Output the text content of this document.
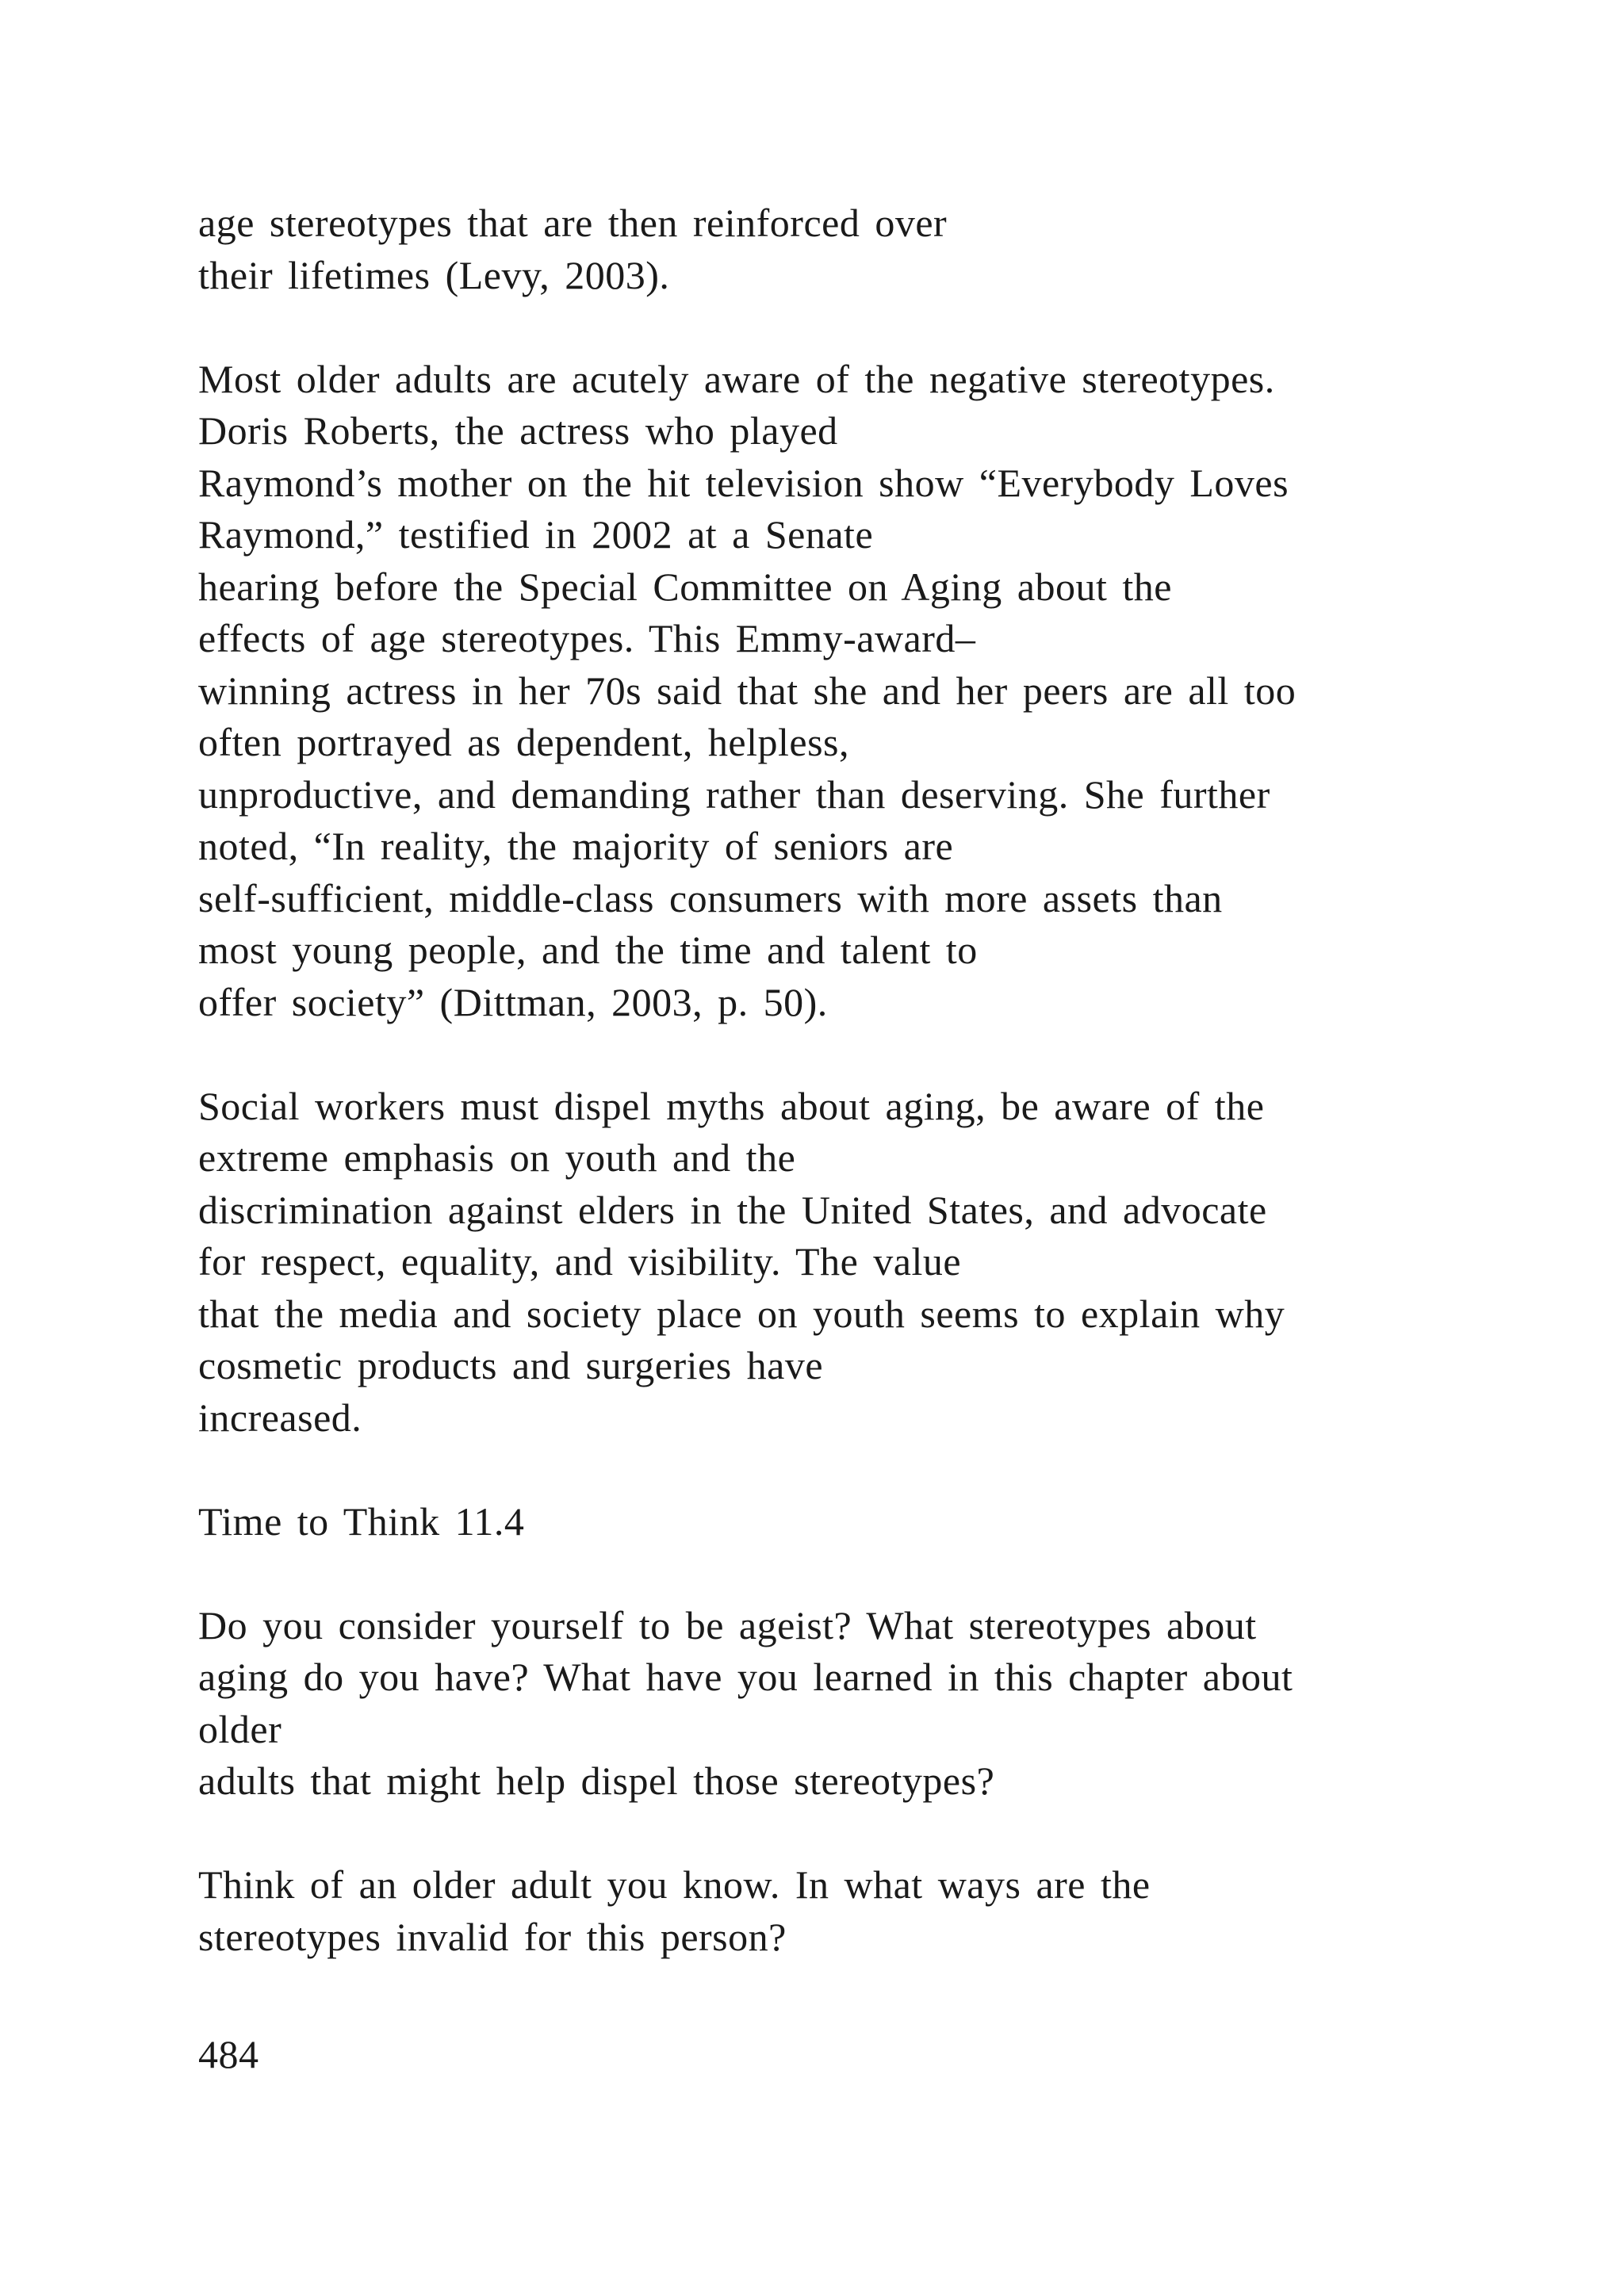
age stereotypes that are then reinforced over
their lifetimes (Levy, 2003).
Most older adults are acutely aware of the negative stereotypes.
Doris Roberts, the actress who played
Raymond’s mother on the hit television show “Everybody Loves
Raymond,” testified in 2002 at a Senate
hearing before the Special Committee on Aging about the
effects of age stereotypes. This Emmy-award–
winning actress in her 70s said that she and her peers are all too
often portrayed as dependent, helpless,
unproductive, and demanding rather than deserving. She further
noted, “In reality, the majority of seniors are
self-sufficient, middle-class consumers with more assets than
most young people, and the time and talent to
offer society” (Dittman, 2003, p. 50).
Social workers must dispel myths about aging, be aware of the
extreme emphasis on youth and the
discrimination against elders in the United States, and advocate
for respect, equality, and visibility. The value
that the media and society place on youth seems to explain why
cosmetic products and surgeries have
increased.
Time to Think 11.4
Do you consider yourself to be ageist? What stereotypes about
aging do you have? What have you learned in this chapter about
older
adults that might help dispel those stereotypes?
Think of an older adult you know. In what ways are the
stereotypes invalid for this person?
484
